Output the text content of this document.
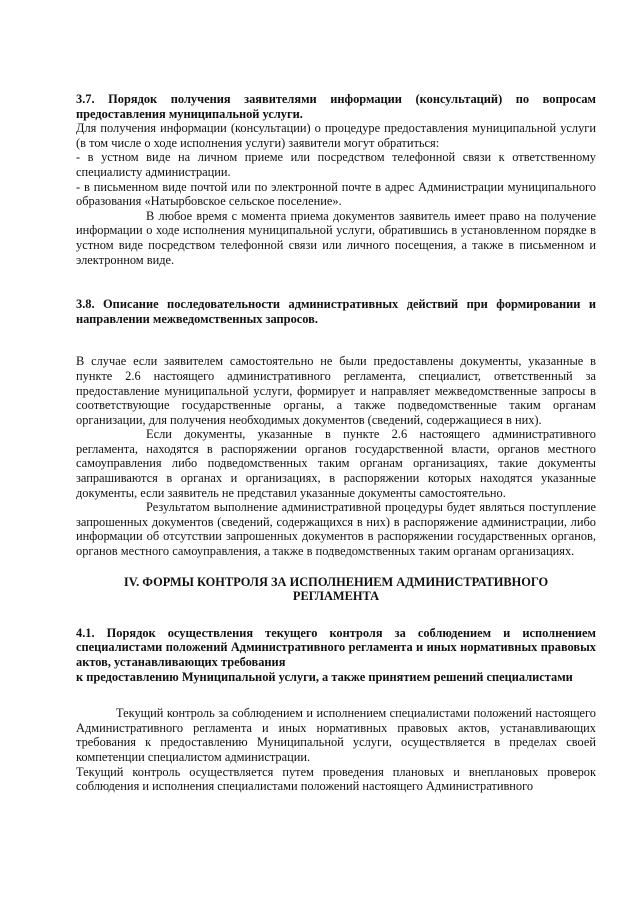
3.7. Порядок получения заявителями информации (консультаций) по вопросам предоставления муниципальной услуги.

Для получения информации (консультации) о процедуре предоставления муниципальной услуги (в том числе о ходе исполнения услуги) заявители могут обратиться:

- в устном виде на личном приеме или посредством телефонной связи к ответственному специалисту администрации.

- в письменном виде почтой или по электронной почте в адрес Администрации муниципального образования «Натырбовское сельское поселение».

В любое время с момента приема документов заявитель имеет право на получение информации о ходе исполнения муниципальной услуги, обратившись в установленном порядке в устном виде посредством телефонной связи или личного посещения, а также в письменном и электронном виде.

3.8. Описание последовательности административных действий при формировании и направлении межведомственных запросов.

В случае если заявителем самостоятельно не были предоставлены документы, указанные в пункте 2.6 настоящего административного регламента, специалист, ответственный за предоставление муниципальной услуги, формирует и направляет межведомственные запросы в соответствующие государственные органы, а также подведомственные таким органам организации, для получения необходимых документов (сведений, содержащиеся в них).

Если документы, указанные в пункте 2.6 настоящего административного регламента, находятся в распоряжении органов государственной власти, органов местного самоуправления либо подведомственных таким органам организациях, такие документы запрашиваются в органах и организациях, в распоряжении которых находятся указанные документы, если заявитель не представил указанные документы самостоятельно.

Результатом выполнение административной процедуры будет являться поступление запрошенных документов (сведений, содержащихся в них) в распоряжение администрации, либо информации об отсутствии запрошенных документов в распоряжении государственных органов, органов местного самоуправления, а также в подведомственных таким органам организациях.

IV. ФОРМЫ КОНТРОЛЯ ЗА ИСПОЛНЕНИЕМ АДМИНИСТРАТИВНОГО

РЕГЛАМЕНТА

4.1. Порядок осуществления текущего контроля за соблюдением и исполнением специалистами положений Административного регламента и иных нормативных правовых актов, устанавливающих требования

к предоставлению Муниципальной услуги, а также принятием решений специалистами

Текущий контроль за соблюдением и исполнением специалистами положений настоящего Административного регламента и иных нормативных правовых актов, устанавливающих требования к предоставлению Муниципальной услуги, осуществляется в пределах своей компетенции специалистом администрации.

Текущий контроль осуществляется путем проведения плановых и внеплановых проверок соблюдения и исполнения специалистами положений настоящего Административного
